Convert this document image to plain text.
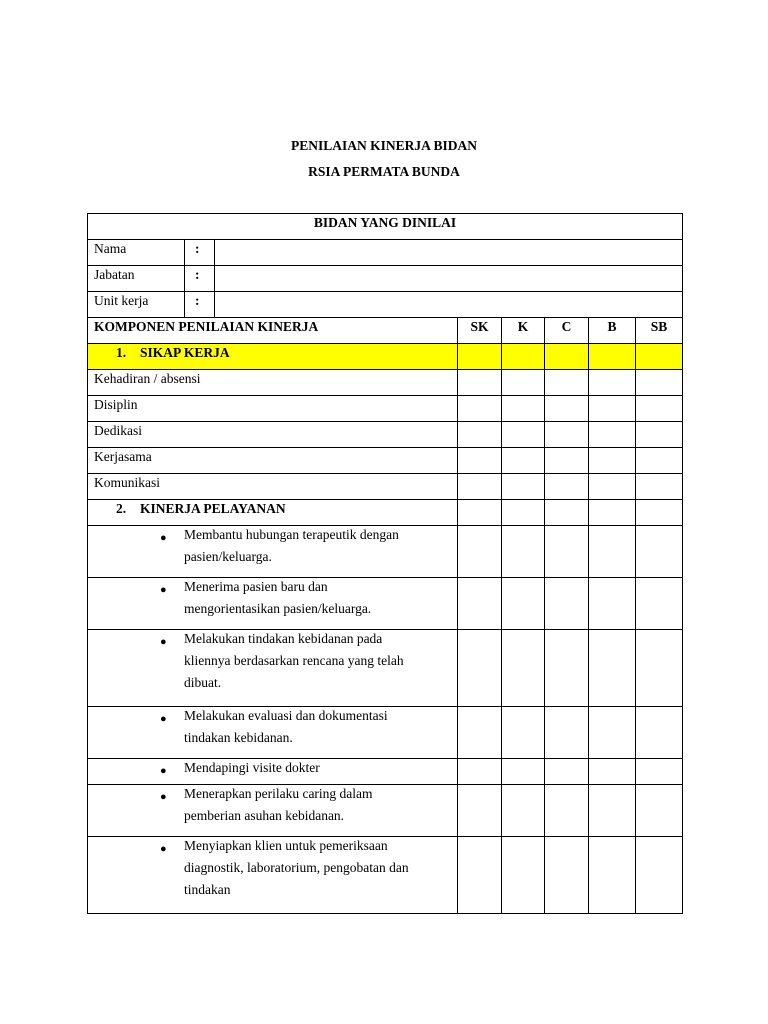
PENILAIAN KINERJA BIDAN
RSIA PERMATA BUNDA
BIDAN YANG DINILAI							
Nama	:						
Jabatan	:						
Unit kerja	:						
KOMPONEN PENILAIAN KINERJA			SK	K	C	B	SB
1. SIKAP KERJA							
Kehadiran / absensi							
Disiplin							
Dedikasi							
Kerjasama							
Komunikasi							
2. KINERJA PELAYANAN							

● Membantu hubungan terapeutik dengan
pasien/keluarga.							

● Menerima pasien baru dan
mengorientasikan pasien/keluarga.							

● Melakukan tindakan kebidanan pada
kliennya berdasarkan rencana yang telah
dibuat.							

● Melakukan evaluasi dan dokumentasi
tindakan kebidanan.							

● Mendapingi visite dokter							

● Menerapkan perilaku caring dalam
pemberian asuhan kebidanan.							

● Menyiapkan klien untuk pemeriksaan
diagnostik, laboratorium, pengobatan dan
tindakan							
